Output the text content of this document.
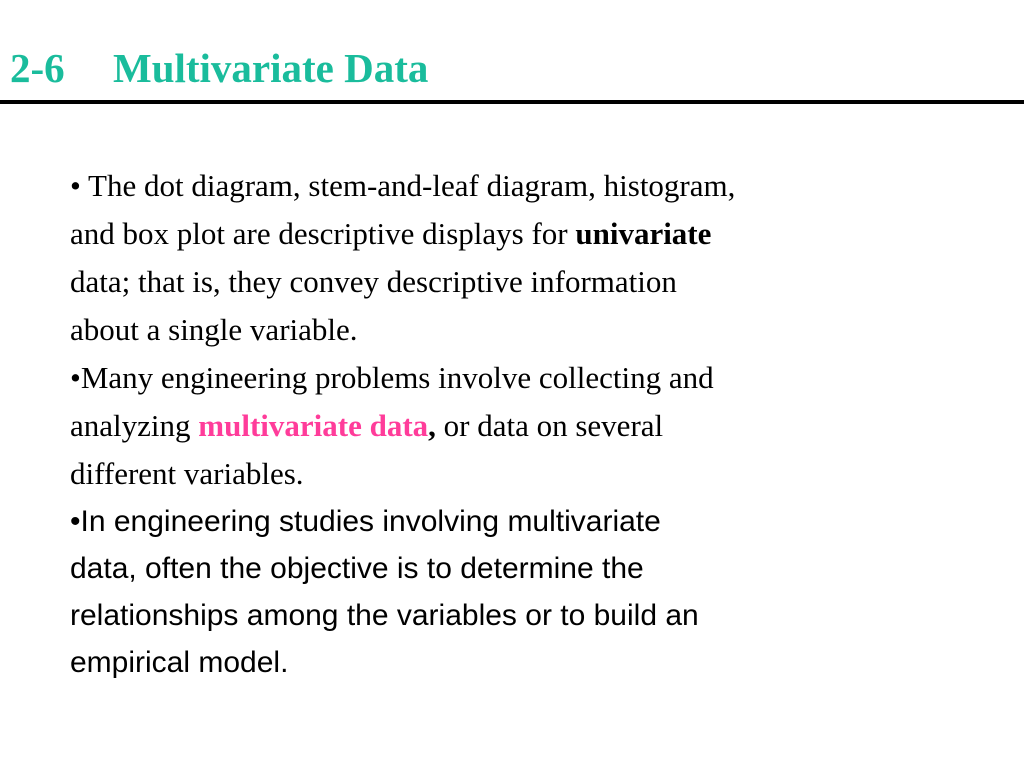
2-6 Multivariate Data

• The dot diagram, stem-and-leaf diagram, histogram,
and box plot are descriptive displays for univariate
data; that is, they convey descriptive information
about a single variable.

•Many engineering problems involve collecting and
analyzing multivariate data, or data on several
different variables.

•In engineering studies involving multivariate
data, often the objective is to determine the
relationships among the variables or to build an
empirical model.
